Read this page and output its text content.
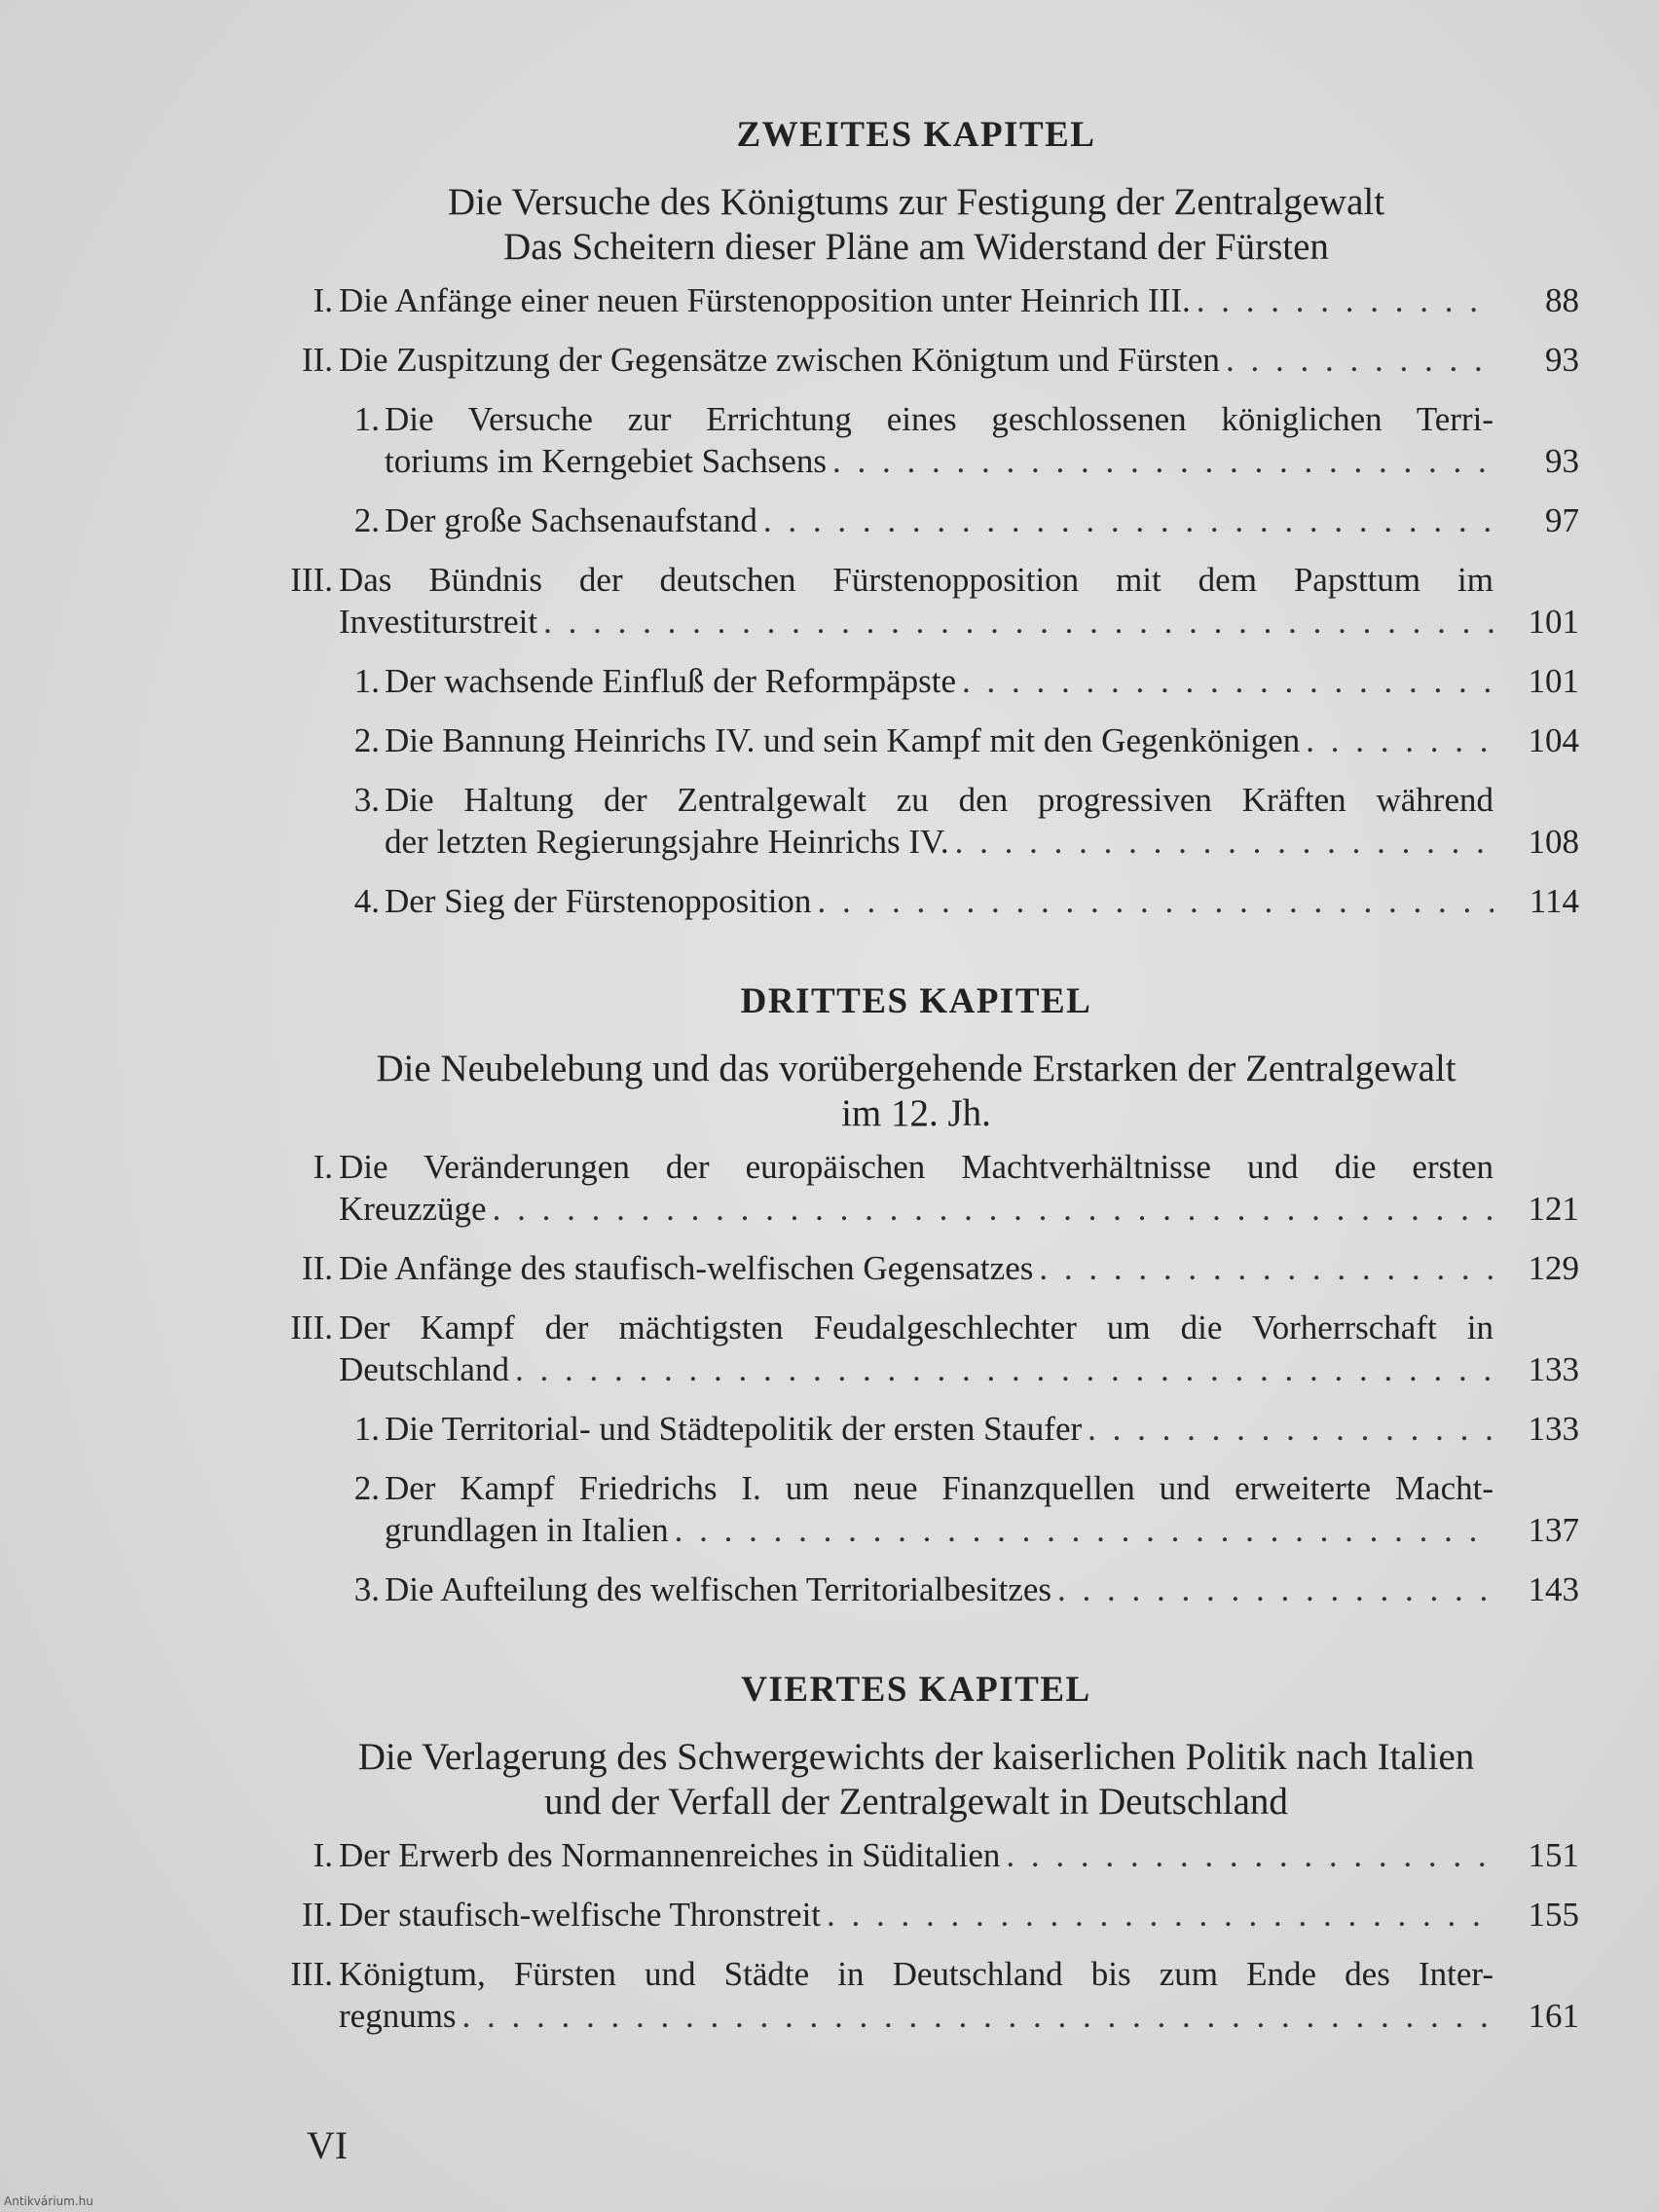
ZWEITES KAPITEL
Die Versuche des Königtums zur Festigung der Zentralgewalt
Das Scheitern dieser Pläne am Widerstand der Fürsten
I. Die Anfänge einer neuen Fürstenopposition unter Heinrich III. . . .	88
II. Die Zuspitzung der Gegensätze zwischen Königtum und Fürsten . . .	93
1. Die Versuche zur Errichtung eines geschlossenen königlichen Terri-
toriums im Kerngebiet Sachsens . . .	93
2. Der große Sachsenaufstand . . .	97
III. Das Bündnis der deutschen Fürstenopposition mit dem Papsttum im
Investiturstreit . . .	101
1. Der wachsende Einfluß der Reformpäpste . . .	101
2. Die Bannung Heinrichs IV. und sein Kampf mit den Gegenkönigen . . .	104
3. Die Haltung der Zentralgewalt zu den progressiven Kräften während
der letzten Regierungsjahre Heinrichs IV. . . .	108
4. Der Sieg der Fürstenopposition . . .	114
DRITTES KAPITEL
Die Neubelebung und das vorübergehende Erstarken der Zentralgewalt
im 12. Jh.
I. Die Veränderungen der europäischen Machtverhältnisse und die ersten
Kreuzzüge . . .	121
II. Die Anfänge des staufisch-welfischen Gegensatzes . . .	129
III. Der Kampf der mächtigsten Feudalgeschlechter um die Vorherrschaft in
Deutschland . . .	133
1. Die Territorial- und Städtepolitik der ersten Staufer . . .	133
2. Der Kampf Friedrichs I. um neue Finanzquellen und erweiterte Macht-
grundlagen in Italien . . .	137
3. Die Aufteilung des welfischen Territorialbesitzes . . .	143
VIERTES KAPITEL
Die Verlagerung des Schwergewichts der kaiserlichen Politik nach Italien
und der Verfall der Zentralgewalt in Deutschland
I. Der Erwerb des Normannenreiches in Süditalien . . .	151
II. Der staufisch-welfische Thronstreit . . .	155
III. Königtum, Fürsten und Städte in Deutschland bis zum Ende des Inter-
regnums . . .	161
VI
Antikvárium.hu
